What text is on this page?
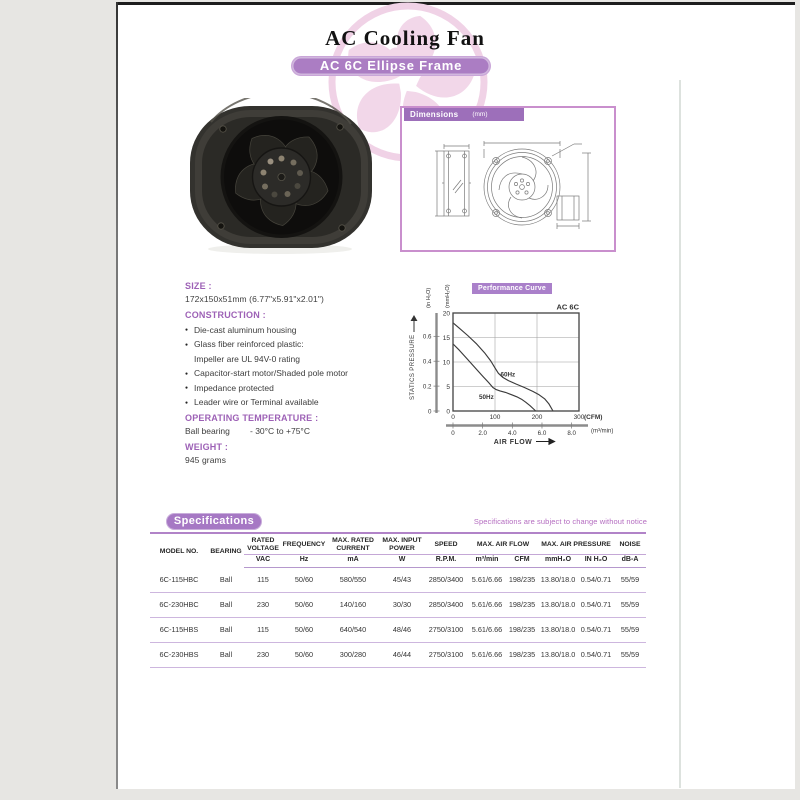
AC Cooling Fan
AC 6C Ellipse Frame
Dimensions (mm)
SIZE :
172x150x51mm (6.77"x5.91"x2.01")
CONSTRUCTION :
● Die-cast aluminum housing
● Glass fiber reinforced plastic:
Impeller are UL 94V-0 rating
● Capacitor-start motor/Shaded pole motor
● Impedance protected
● Leader wire or Terminal available
OPERATING TEMPERATURE :
Ball bearing	- 30°C to +75°C
WEIGHT :
945 grams
Performance Curve
60Hz
50Hz
0	100	200	300
0
5
10
15
20
0
0.2
0.4
0.6
0	2.0	4.0	6.0	8.0
STATICS PRESSURE
(in H₂O) (mmH₂O)	AC 6C
(CFM)
(m³/min)
AIR FLOW
Specifications	Specifications are subject to change without notice
MODEL NO.	BEARING	RATED VOLTAGE	FREQUENCY	MAX. RATED CURRENT	MAX. INPUT POWER	SPEED	MAX. AIR FLOW		MAX. AIR PRESSURE		NOISE
		VAC	Hz	mA	W	R.P.M.	m³/min	CFM	mmH₂O	IN H₂O	dB-A
6C-115HBC	Ball	115	50/60	580/550	45/43	2850/3400	5.61/6.66	198/235	13.80/18.0	0.54/0.71	55/59
6C-230HBC	Ball	230	50/60	140/160	30/30	2850/3400	5.61/6.66	198/235	13.80/18.0	0.54/0.71	55/59
6C-115HBS	Ball	115	50/60	640/540	48/46	2750/3100	5.61/6.66	198/235	13.80/18.0	0.54/0.71	55/59
6C-230HBS	Ball	230	50/60	300/280	46/44	2750/3100	5.61/6.66	198/235	13.80/18.0	0.54/0.71	55/59
